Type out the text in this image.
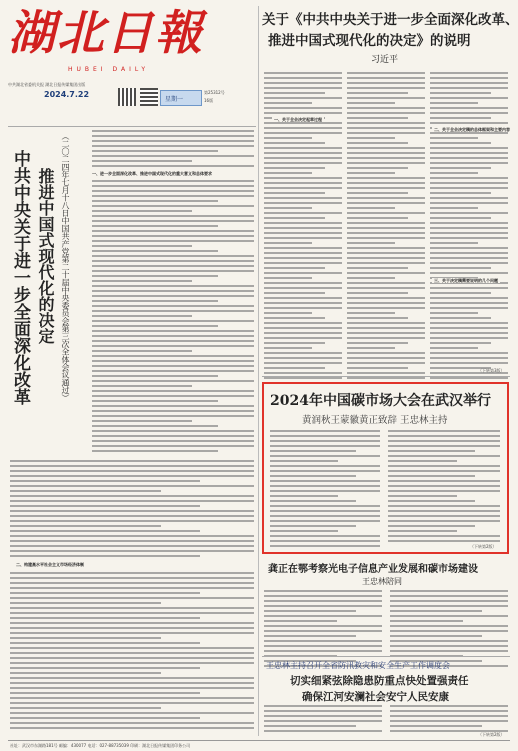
湖北日報
HUBEI DAILY
中共湖北省委机关报 湖北日报传媒集团出版
2024.7.22
星期一
第25312号
16版
关于《中共中央关于进一步全面深化改革、
推进中国式现代化的决定》的说明
习近平
一、关于全会决定起草过程
二、关于全会决定稿的总体框架和主要内容
三、关于决定稿需要说明的几个问题
（下转第3版）
中共中央关于进一步全面深化改革 推进中国式现代化的决定 （二〇二四年七月十八日中国共产党第二十届中央委员会第三次全体会议通过）	一、进一步全面深化改革、推进中国式现代化的重大意义和总体要求
二、构建高水平社会主义市场经济体制
2024年中国碳市场大会在武汉举行
黄润秋王蒙徽黄正致辞 王忠林主持
（下转第2版）
龚正在鄂考察光电子信息产业发展和碳市场建设
王忠林陪同
王忠林主持召开全省防汛救灾和安全生产工作调度会
切实细紧弦除隐患防重点快处置强责任
确保江河安澜社会安宁人民安康
（下转第2版）
社址：武汉市东湖路181号 邮编：430077 电话：027-88735039 印刷：湖北日报传媒集团印务公司
